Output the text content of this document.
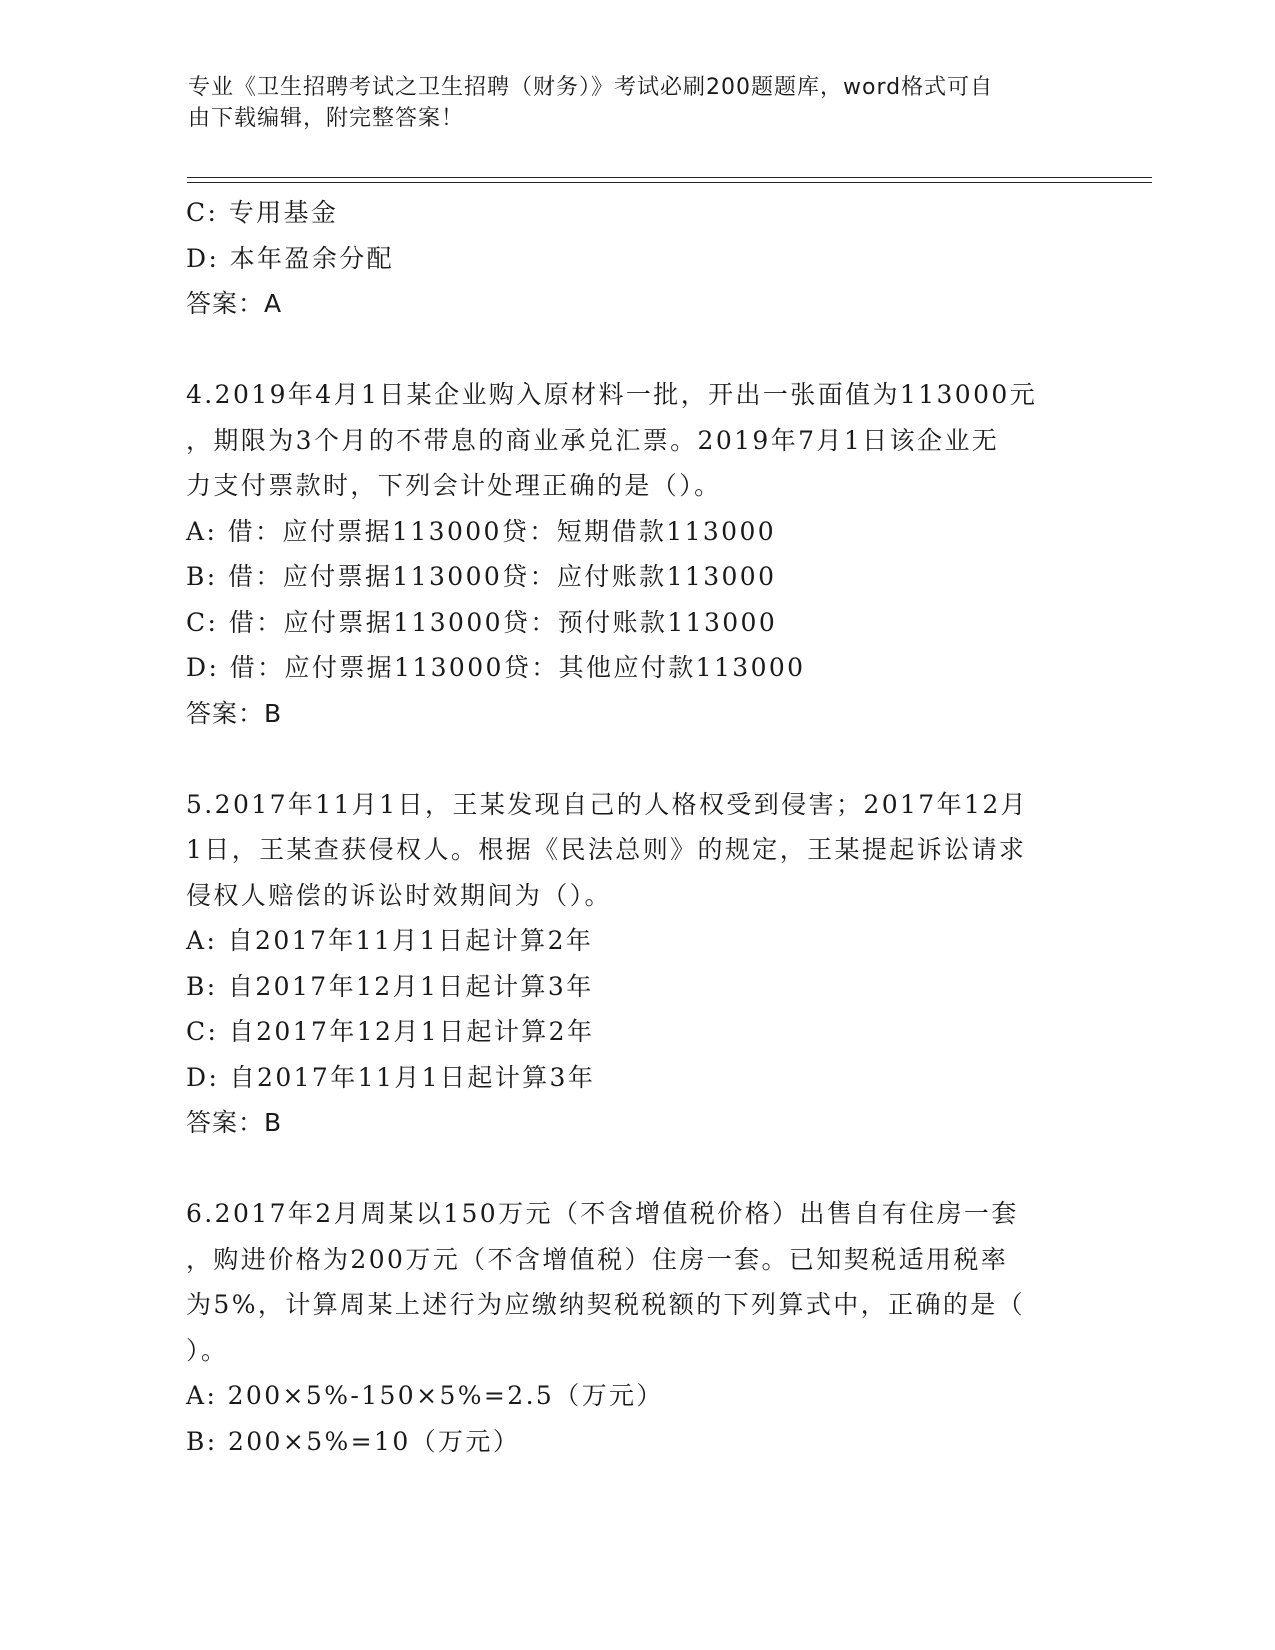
专业《卫生招聘考试之卫生招聘（财务）》考试必刷200题题库，word格式可自
由下载编辑，附完整答案！
C: 专用基金
D: 本年盈余分配
答案：A
4.2019年4月1日某企业购入原材料一批，开出一张面值为113000元
，期限为3个月的不带息的商业承兑汇票。2019年7月1日该企业无
力支付票款时，下列会计处理正确的是（）。
A: 借：应付票据113000贷：短期借款113000
B: 借：应付票据113000贷：应付账款113000
C: 借：应付票据113000贷：预付账款113000
D: 借：应付票据113000贷：其他应付款113000
答案：B
5.2017年11月1日，王某发现自己的人格权受到侵害；2017年12月
1日，王某查获侵权人。根据《民法总则》的规定，王某提起诉讼请求
侵权人赔偿的诉讼时效期间为（）。
A: 自2017年11月1日起计算2年
B: 自2017年12月1日起计算3年
C: 自2017年12月1日起计算2年
D: 自2017年11月1日起计算3年
答案：B
6.2017年2月周某以150万元（不含增值税价格）出售自有住房一套
，购进价格为200万元（不含增值税）住房一套。已知契税适用税率
为5%，计算周某上述行为应缴纳契税税额的下列算式中，正确的是（
）。
A: 200×5%-150×5%=2.5（万元）
B: 200×5%=10（万元）
